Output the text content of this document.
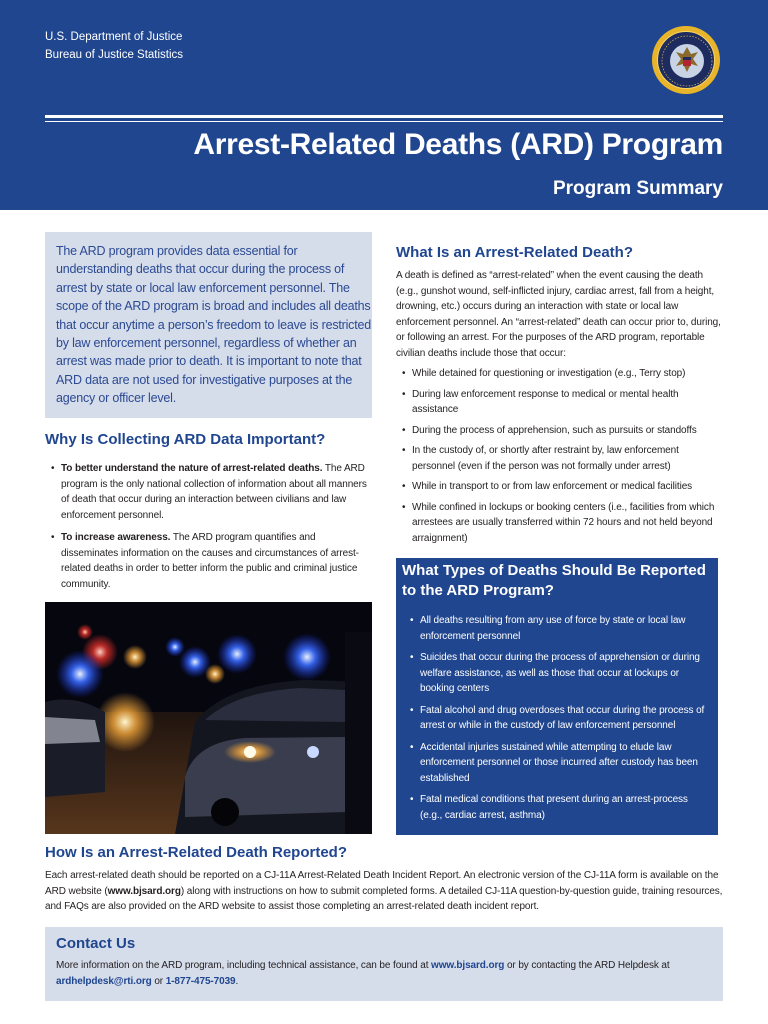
U.S. Department of Justice
Bureau of Justice Statistics
Arrest-Related Deaths (ARD) Program
Program Summary

The ARD program provides data essential for understanding deaths that occur during the process of arrest by state or local law enforcement personnel. The scope of the ARD program is broad and includes all deaths that occur anytime a person’s freedom to leave is restricted by law enforcement personnel, regardless of whether an arrest was made prior to death. It is important to note that ARD data are not used for investigative purposes at the agency or officer level.

Why Is Collecting ARD Data Important?
• To better understand the nature of arrest-related deaths. The ARD program is the only national collection of information about all manners of death that occur during an interaction between civilians and law enforcement personnel.
• To increase awareness. The ARD program quantifies and disseminates information on the causes and circumstances of arrest-related deaths in order to better inform the public and criminal justice community.
What Is an Arrest-Related Death?

A death is defined as “arrest-related” when the event causing the death (e.g., gunshot wound, self-inflicted injury, cardiac arrest, fall from a height, drowning, etc.) occurs during an interaction with state or local law enforcement personnel. An “arrest-related” death can occur prior to, during, or following an arrest. For the purposes of the ARD program, reportable civilian deaths include those that occur:

• While detained for questioning or investigation (e.g., Terry stop)
• During law enforcement response to medical or mental health assistance
• During the process of apprehension, such as pursuits or standoffs
• In the custody of, or shortly after restraint by, law enforcement personnel (even if the person was not formally under arrest)
• While in transport to or from law enforcement or medical facilities
• While confined in lockups or booking centers (i.e., facilities from which arrestees are usually transferred within 72 hours and not held beyond arraignment)
What Types of Deaths Should Be Reported
to the ARD Program?
• All deaths resulting from any use of force by state or local law enforcement personnel
• Suicides that occur during the process of apprehension or during welfare assistance, as well as those that occur at lockups or booking centers
• Fatal alcohol and drug overdoses that occur during the process of arrest or while in the custody of law enforcement personnel
• Accidental injuries sustained while attempting to elude law enforcement personnel or those incurred after custody has been established
• Fatal medical conditions that present during an arrest-process (e.g., cardiac arrest, asthma)
How Is an Arrest-Related Death Reported?

Each arrest-related death should be reported on a CJ-11A Arrest-Related Death Incident Report. An electronic version of the CJ-11A form is available on the ARD website (www.bjsard.org) along with instructions on how to submit completed forms. A detailed CJ-11A question-by-question guide, training resources, and FAQs are also provided on the ARD website to assist those completing an arrest-related death incident report.

Contact Us

More information on the ARD program, including technical assistance, can be found at www.bjsard.org or by contacting the ARD Helpdesk at ardhelpdesk@rti.org or 1-877-475-7039.
